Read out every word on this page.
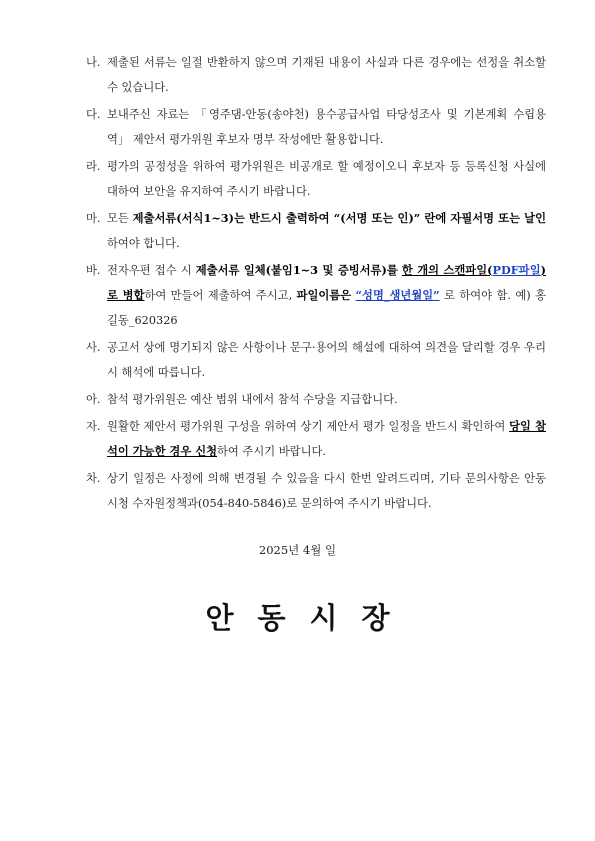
나. 제출된 서류는 일절 반환하지 않으며 기재된 내용이 사실과 다른 경우에는 선정을 취소할 수 있습니다.
다. 보내주신 자료는 「영주댐-안동(송야천) 용수공급사업 타당성조사 및 기본계획 수립용역」 제안서 평가위원 후보자 명부 작성에만 활용합니다.
라. 평가의 공정성을 위하여 평가위원은 비공개로 할 예정이오니 후보자 등 등록신청 사실에 대하여 보안을 유지하여 주시기 바랍니다.
마. 모든 제출서류(서식1~3)는 반드시 출력하여 “(서명 또는 인)” 란에 자필서명 또는 날인 하여야 합니다.
바. 전자우편 접수 시 제출서류 일체(붙임1~3 및 증빙서류)를 한 개의 스캔파일(PDF파일)로 병합하여 만들어 제출하여 주시고, 파일이름은 “성명_생년월일” 로 하여야 함. 예) 홍길동_620326
사. 공고서 상에 명기되지 않은 사항이나 문구·용어의 해설에 대하여 의견을 달리할 경우 우리 시 해석에 따릅니다.
아. 참석 평가위원은 예산 범위 내에서 참석 수당을 지급합니다.
자. 원활한 제안서 평가위원 구성을 위하여 상기 제안서 평가 일정을 반드시 확인하여 당일 참석이 가능한 경우 신청하여 주시기 바랍니다.
차. 상기 일정은 사정에 의해 변경될 수 있음을 다시 한번 알려드리며, 기타 문의사항은 안동시청 수자원정책과(054-840-5846)로 문의하여 주시기 바랍니다.
2025년 4월 일
안동시장
